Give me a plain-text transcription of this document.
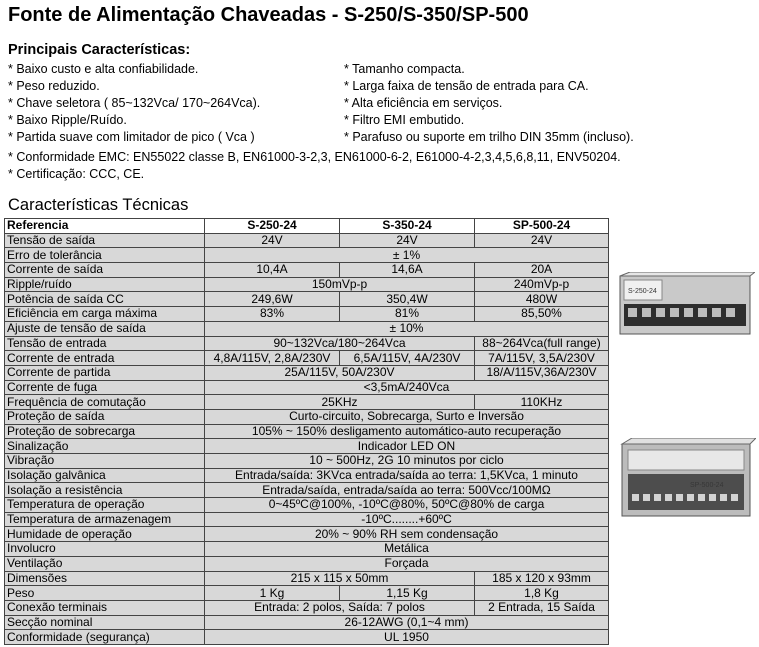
Fonte de Alimentação Chaveadas - S-250/S-350/SP-500
Principais Características:
* Baixo custo e alta confiabilidade.
* Peso reduzido.
* Chave seletora ( 85~132Vca/ 170~264Vca).
* Baixo Ripple/Ruído.
* Partida suave com limitador de pico ( Vca )
* Tamanho compacta.
* Larga faixa de tensão de entrada para CA.
* Alta eficiência em serviços.
* Filtro EMI embutido.
* Parafuso ou suporte em trilho DIN 35mm (incluso).
* Conformidade EMC: EN55022 classe B, EN61000-3-2,3, EN61000-6-2, E61000-4-2,3,4,5,6,8,11, ENV50204.
* Certificação: CCC, CE.
Características Técnicas
Referencia	S-250-24	S-350-24	SP-500-24
Tensão de saída	24V	24V	24V
Erro de tolerância	± 1%		
Corrente de saída	10,4A	14,6A	20A
Ripple/ruído	150mVp-p		240mVp-p
Potência de saída CC	249,6W	350,4W	480W
Eficiência em carga máxima	83%	81%	85,50%
Ajuste de tensão de saída	± 10%		
Tensão de entrada	90~132Vca/180~264Vca		88~264Vca(full range)
Corrente de entrada	4,8A/115V, 2,8A/230V	6,5A/115V, 4A/230V	7A/115V, 3,5A/230V
Corrente de partida	25A/115V, 50A/230V		18/A/115V,36A/230V
Corrente de fuga	<3,5mA/240Vca		
Frequência de comutação	25KHz		110KHz
Proteção de saída	Curto-circuito, Sobrecarga, Surto e Inversão		
Proteção de sobrecarga	105% ~ 150% desligamento automático-auto recuperação		
Sinalização	Indicador LED ON		
Vibração	10 ~ 500Hz, 2G 10 minutos por ciclo		
Isolação galvânica	Entrada/saída: 3KVca entrada/saída ao terra: 1,5KVca, 1 minuto		
Isolação a resistência	Entrada/saída, entrada/saída ao terra: 500Vcc/100MΩ		
Temperatura de operação	0~45ºC@100%, -10ºC@80%, 50ºC@80% de carga		
Temperatura de armazenagem	-10ºC........+60ºC		
Humidade de operação	20% ~ 90% RH sem condensação		
Involucro	Metálica		
Ventilação	Forçada		
Dimensões	215 x 115 x 50mm		185 x 120 x 93mm
Peso	1 Kg	1,15 Kg	1,8 Kg
Conexão terminais	Entrada: 2 polos, Saída: 7 polos		2 Entrada, 15 Saída
Secção nominal	26-12AWG (0,1~4 mm)		
Conformidade (segurança)	UL 1950		
S-250-24
